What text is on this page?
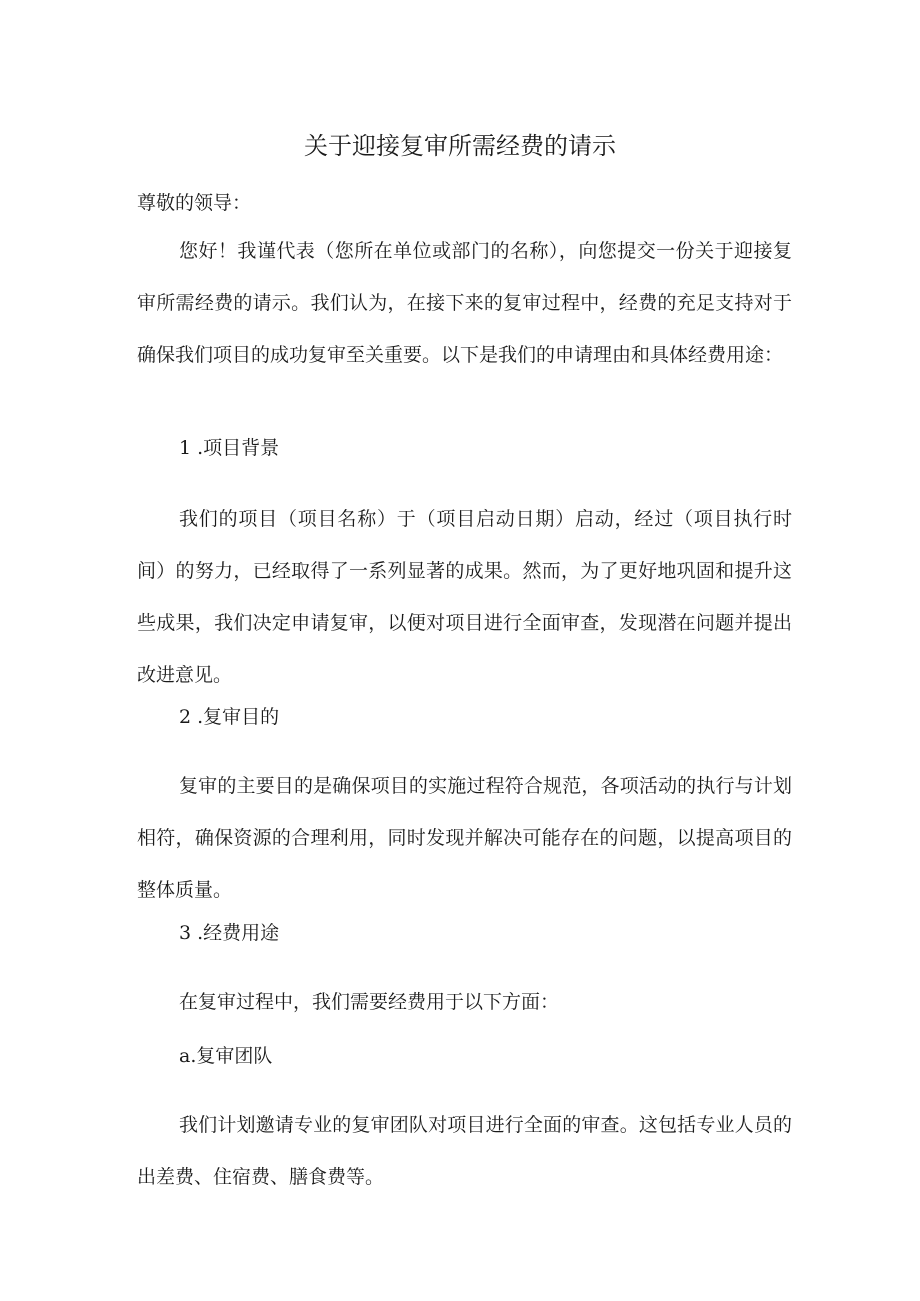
关于迎接复审所需经费的请示

尊敬的领导：

您好！我谨代表（您所在单位或部门的名称），向您提交一份关于迎接复审所需经费的请示。我们认为，在接下来的复审过程中，经费的充足支持对于确保我们项目的成功复审至关重要。以下是我们的申请理由和具体经费用途：

1 .项目背景

我们的项目（项目名称）于（项目启动日期）启动，经过（项目执行时间）的努力，已经取得了一系列显著的成果。然而，为了更好地巩固和提升这些成果，我们决定申请复审，以便对项目进行全面审查，发现潜在问题并提出改进意见。

2 .复审目的

复审的主要目的是确保项目的实施过程符合规范，各项活动的执行与计划相符，确保资源的合理利用，同时发现并解决可能存在的问题，以提高项目的整体质量。

3 .经费用途

在复审过程中，我们需要经费用于以下方面：

a.复审团队

我们计划邀请专业的复审团队对项目进行全面的审查。这包括专业人员的出差费、住宿费、膳食费等。
